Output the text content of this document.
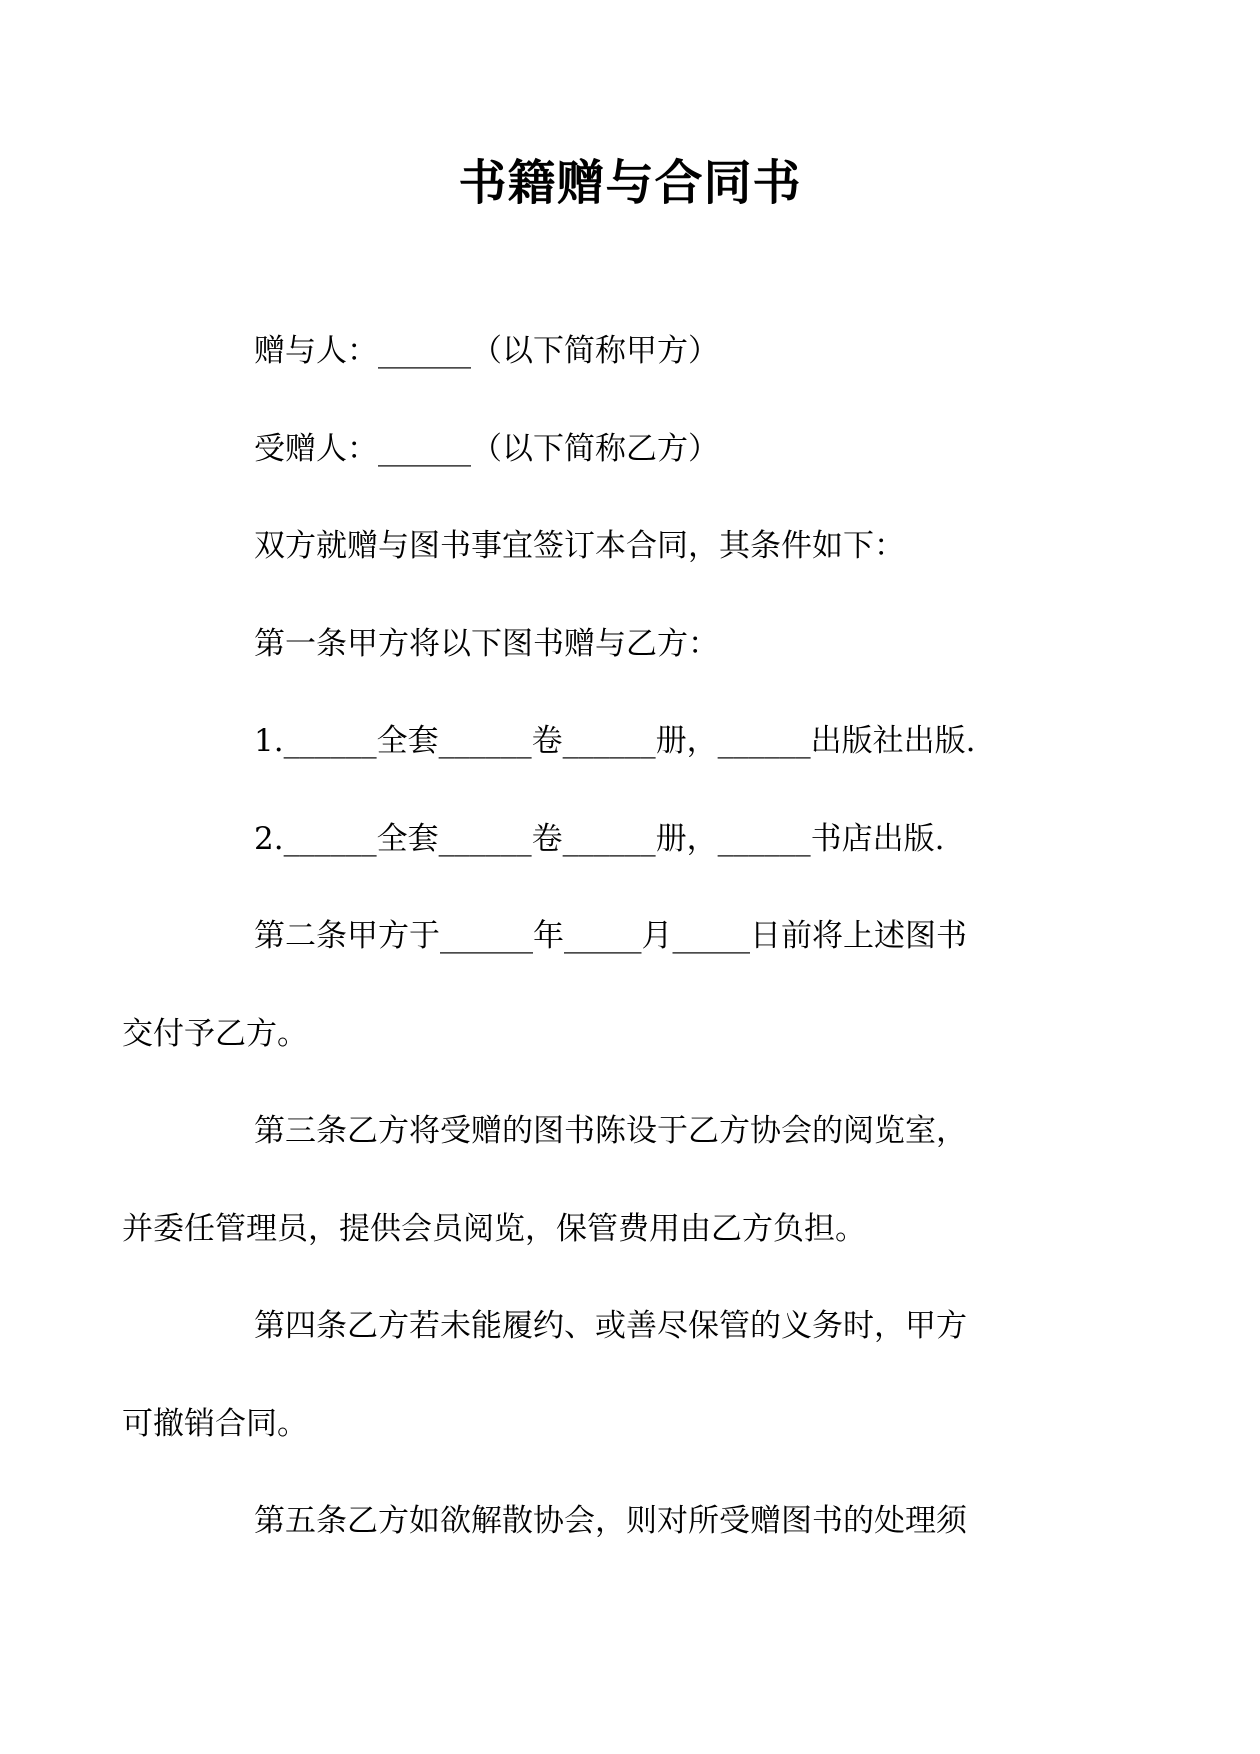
书籍赠与合同书
赠与人：______（以下简称甲方）
受赠人：______（以下简称乙方）
双方就赠与图书事宜签订本合同，其条件如下：
第一条甲方将以下图书赠与乙方：
1.______全套______卷______册，______出版社出版.
2.______全套______卷______册，______书店出版.
第二条甲方于______年_____月_____日前将上述图书
交付予乙方。
第三条乙方将受赠的图书陈设于乙方协会的阅览室，
并委任管理员，提供会员阅览，保管费用由乙方负担。
第四条乙方若未能履约、或善尽保管的义务时，甲方
可撤销合同。
第五条乙方如欲解散协会，则对所受赠图书的处理须
